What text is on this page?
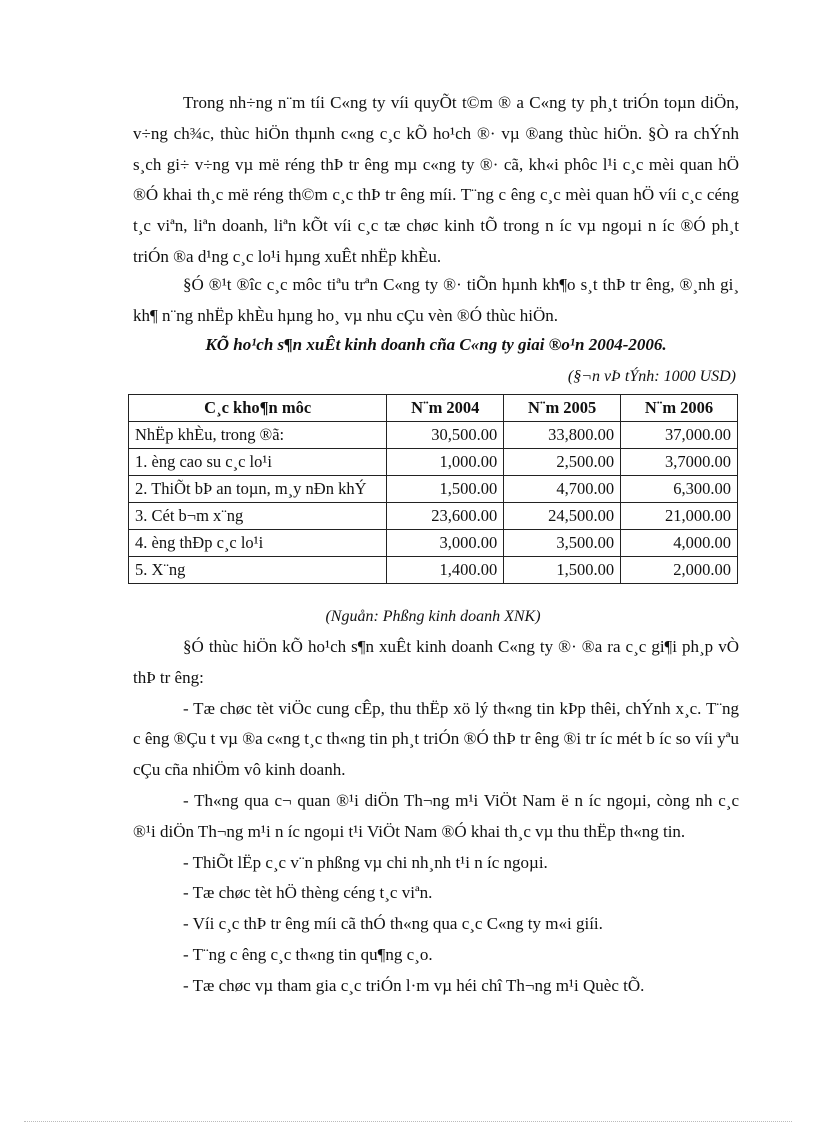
Trong nh÷ng n¨m tíi C«ng ty víi quyÕt t©m ® a C«ng ty ph¸t triÓn toµn diÖn, v÷ng ch¾c, thùc hiÖn thµnh c«ng c¸c kÕ ho¹ch ®· vµ ®ang thùc hiÖn. §Ò ra chÝnh s¸ch gi÷ v÷ng vµ më réng thÞ tr êng mµ c«ng ty ®· cã, kh«i phôc l¹i c¸c mèi quan hÖ ®Ó khai th¸c më réng th©m c¸c thÞ tr êng míi. T¨ng c êng c¸c mèi quan hÖ víi c¸c céng t¸c viªn, liªn doanh, liªn kÕt víi c¸c tæ chøc kinh tÕ trong n íc vµ ngoµi n íc ®Ó ph¸t triÓn ®a d¹ng c¸c lo¹i hµng xuÊt nhËp khÈu.

§Ó ®¹t ®îc c¸c môc tiªu trªn C«ng ty ®· tiÕn hµnh kh¶o s¸t thÞ tr êng, ®¸nh gi¸ kh¶ n¨ng nhËp khÈu hµng ho¸ vµ nhu cÇu vèn ®Ó thùc hiÖn.

KÕ ho¹ch s¶n xuÊt kinh doanh cña C«ng ty giai ®o¹n 2004-2006.

(§¬n vÞ tÝnh: 1000 USD)

C¸c kho¶n môc	N¨m 2004	N¨m 2005	N¨m 2006
NhËp khÈu, trong ®ã:	30,500.00	33,800.00	37,000.00
1. èng cao su c¸c lo¹i	1,000.00	2,500.00	3,7000.00
2. ThiÕt bÞ an toµn, m¸y nÐn khÝ	1,500.00	4,700.00	6,300.00
3. Cét b¬m x¨ng	23,600.00	24,500.00	21,000.00
4. èng thÐp c¸c lo¹i	3,000.00	3,500.00	4,000.00
5. X¨ng	1,400.00	1,500.00	2,000.00

(Nguån: Phßng kinh doanh XNK)

§Ó thùc hiÖn kÕ ho¹ch s¶n xuÊt kinh doanh C«ng ty ®· ®a ra c¸c gi¶i ph¸p vÒ thÞ tr êng:

- Tæ chøc tèt viÖc cung cÊp, thu thËp xö lý th«ng tin kÞp thêi, chÝnh x¸c. T¨ng c êng ®Çu t vµ ®a c«ng t¸c th«ng tin ph¸t triÓn ®Ó thÞ tr êng ®i tr íc mét b íc so víi yªu cÇu cña nhiÖm vô kinh doanh.

- Th«ng qua c¬ quan ®¹i diÖn Th¬ng m¹i ViÖt Nam ë n íc ngoµi, còng nh c¸c ®¹i diÖn Th¬ng m¹i n íc ngoµi t¹i ViÖt Nam ®Ó khai th¸c vµ thu thËp th«ng tin.

- ThiÕt lËp c¸c v¨n phßng vµ chi nh¸nh t¹i n íc ngoµi.

- Tæ chøc tèt hÖ thèng céng t¸c viªn.

- Víi c¸c thÞ tr êng míi cã thÓ th«ng qua c¸c C«ng ty m«i giíi.

- T¨ng c êng c¸c th«ng tin qu¶ng c¸o.

- Tæ chøc vµ tham gia c¸c triÓn l·m vµ héi chî Th¬ng m¹i Quèc tÕ.
